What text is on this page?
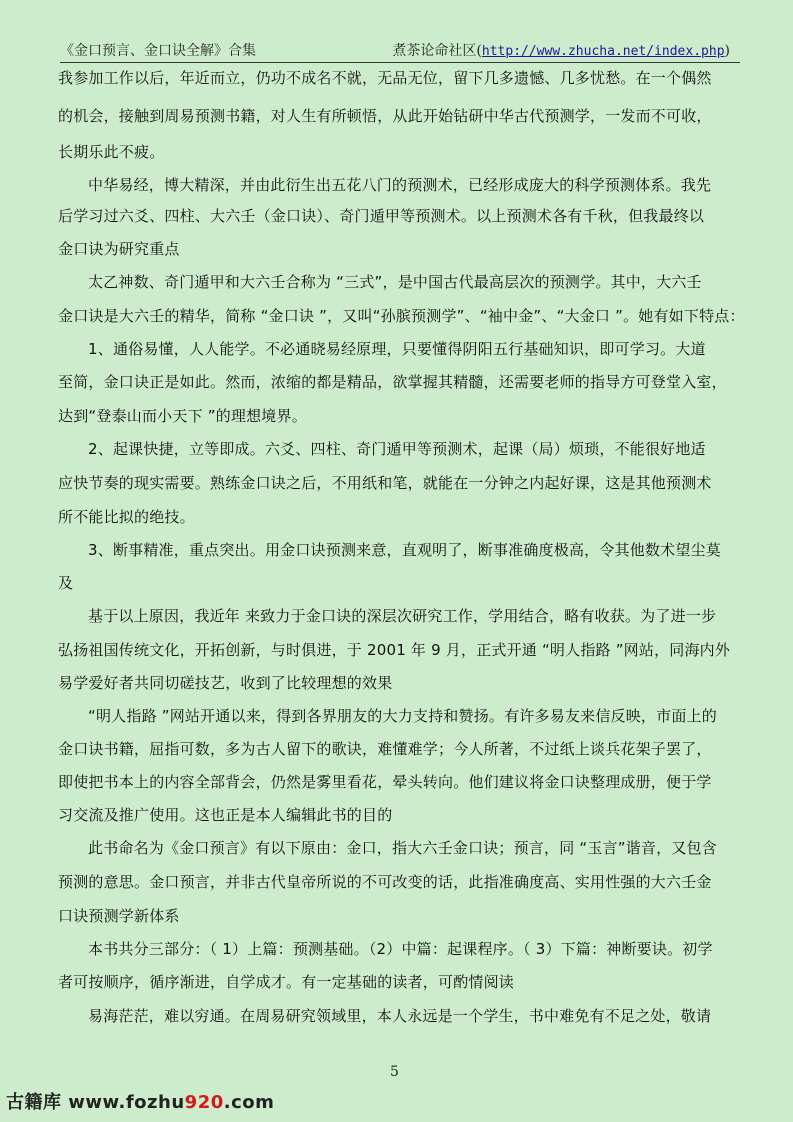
《金口预言、金口诀全解》合集	煮茶论命社区(http://www.zhucha.net/index.php)
我参加工作以后，年近而立，仍功不成名不就，无品无位，留下几多遗憾、几多忧愁。在一个偶然
的机会，接触到周易预测书籍，对人生有所顿悟，从此开始钻研中华古代预测学，一发而不可收，
长期乐此不疲。
中华易经，博大精深，并由此衍生出五花八门的预测术，已经形成庞大的科学预测体系。我先
后学习过六爻、四柱、大六壬（金口诀）、奇门遁甲等预测术。以上预测术各有千秋，但我最终以
金口诀为研究重点
太乙神数、奇门遁甲和大六壬合称为 “三式”，是中国古代最高层次的预测学。其中，大六壬
金口诀是大六壬的精华，简称 “金口诀 ”，又叫“孙膑预测学”、“袖中金”、“大金口 ”。她有如下特点：
1、通俗易懂，人人能学。不必通晓易经原理，只要懂得阴阳五行基础知识，即可学习。大道
至简，金口诀正是如此。然而，浓缩的都是精品，欲掌握其精髓，还需要老师的指导方可登堂入室，
达到“登泰山而小天下 ”的理想境界。
2、起课快捷，立等即成。六爻、四柱、奇门遁甲等预测术，起课（局）烦琐，不能很好地适
应快节奏的现实需要。熟练金口诀之后，不用纸和笔，就能在一分钟之内起好课，这是其他预测术
所不能比拟的绝技。
3、断事精准，重点突出。用金口诀预测来意，直观明了，断事准确度极高，令其他数术望尘莫
及
基于以上原因，我近年 来致力于金口诀的深层次研究工作，学用结合，略有收获。为了进一步
弘扬祖国传统文化，开拓创新，与时俱进，于 2001 年 9 月，正式开通 “明人指路 ”网站，同海内外
易学爱好者共同切磋技艺，收到了比较理想的效果
“明人指路 ”网站开通以来，得到各界朋友的大力支持和赞扬。有许多易友来信反映，市面上的
金口诀书籍，屈指可数，多为古人留下的歌诀，难懂难学；今人所著，不过纸上谈兵花架子罢了，
即使把书本上的内容全部背会，仍然是雾里看花，晕头转向。他们建议将金口诀整理成册，便于学
习交流及推广使用。这也正是本人编辑此书的目的
此书命名为《金口预言》有以下原由：金口，指大六壬金口诀；预言，同 “玉言”谐音，又包含
预测的意思。金口预言，并非古代皇帝所说的不可改变的话，此指准确度高、实用性强的大六壬金
口诀预测学新体系
本书共分三部分：（ 1）上篇：预测基础。（2）中篇：起课程序。（ 3）下篇：神断要诀。初学
者可按顺序，循序渐进，自学成才。有一定基础的读者，可酌情阅读
易海茫茫，难以穷通。在周易研究领域里，本人永远是一个学生，书中难免有不足之处，敬请
5
古籍库 www.fozhu920.com
